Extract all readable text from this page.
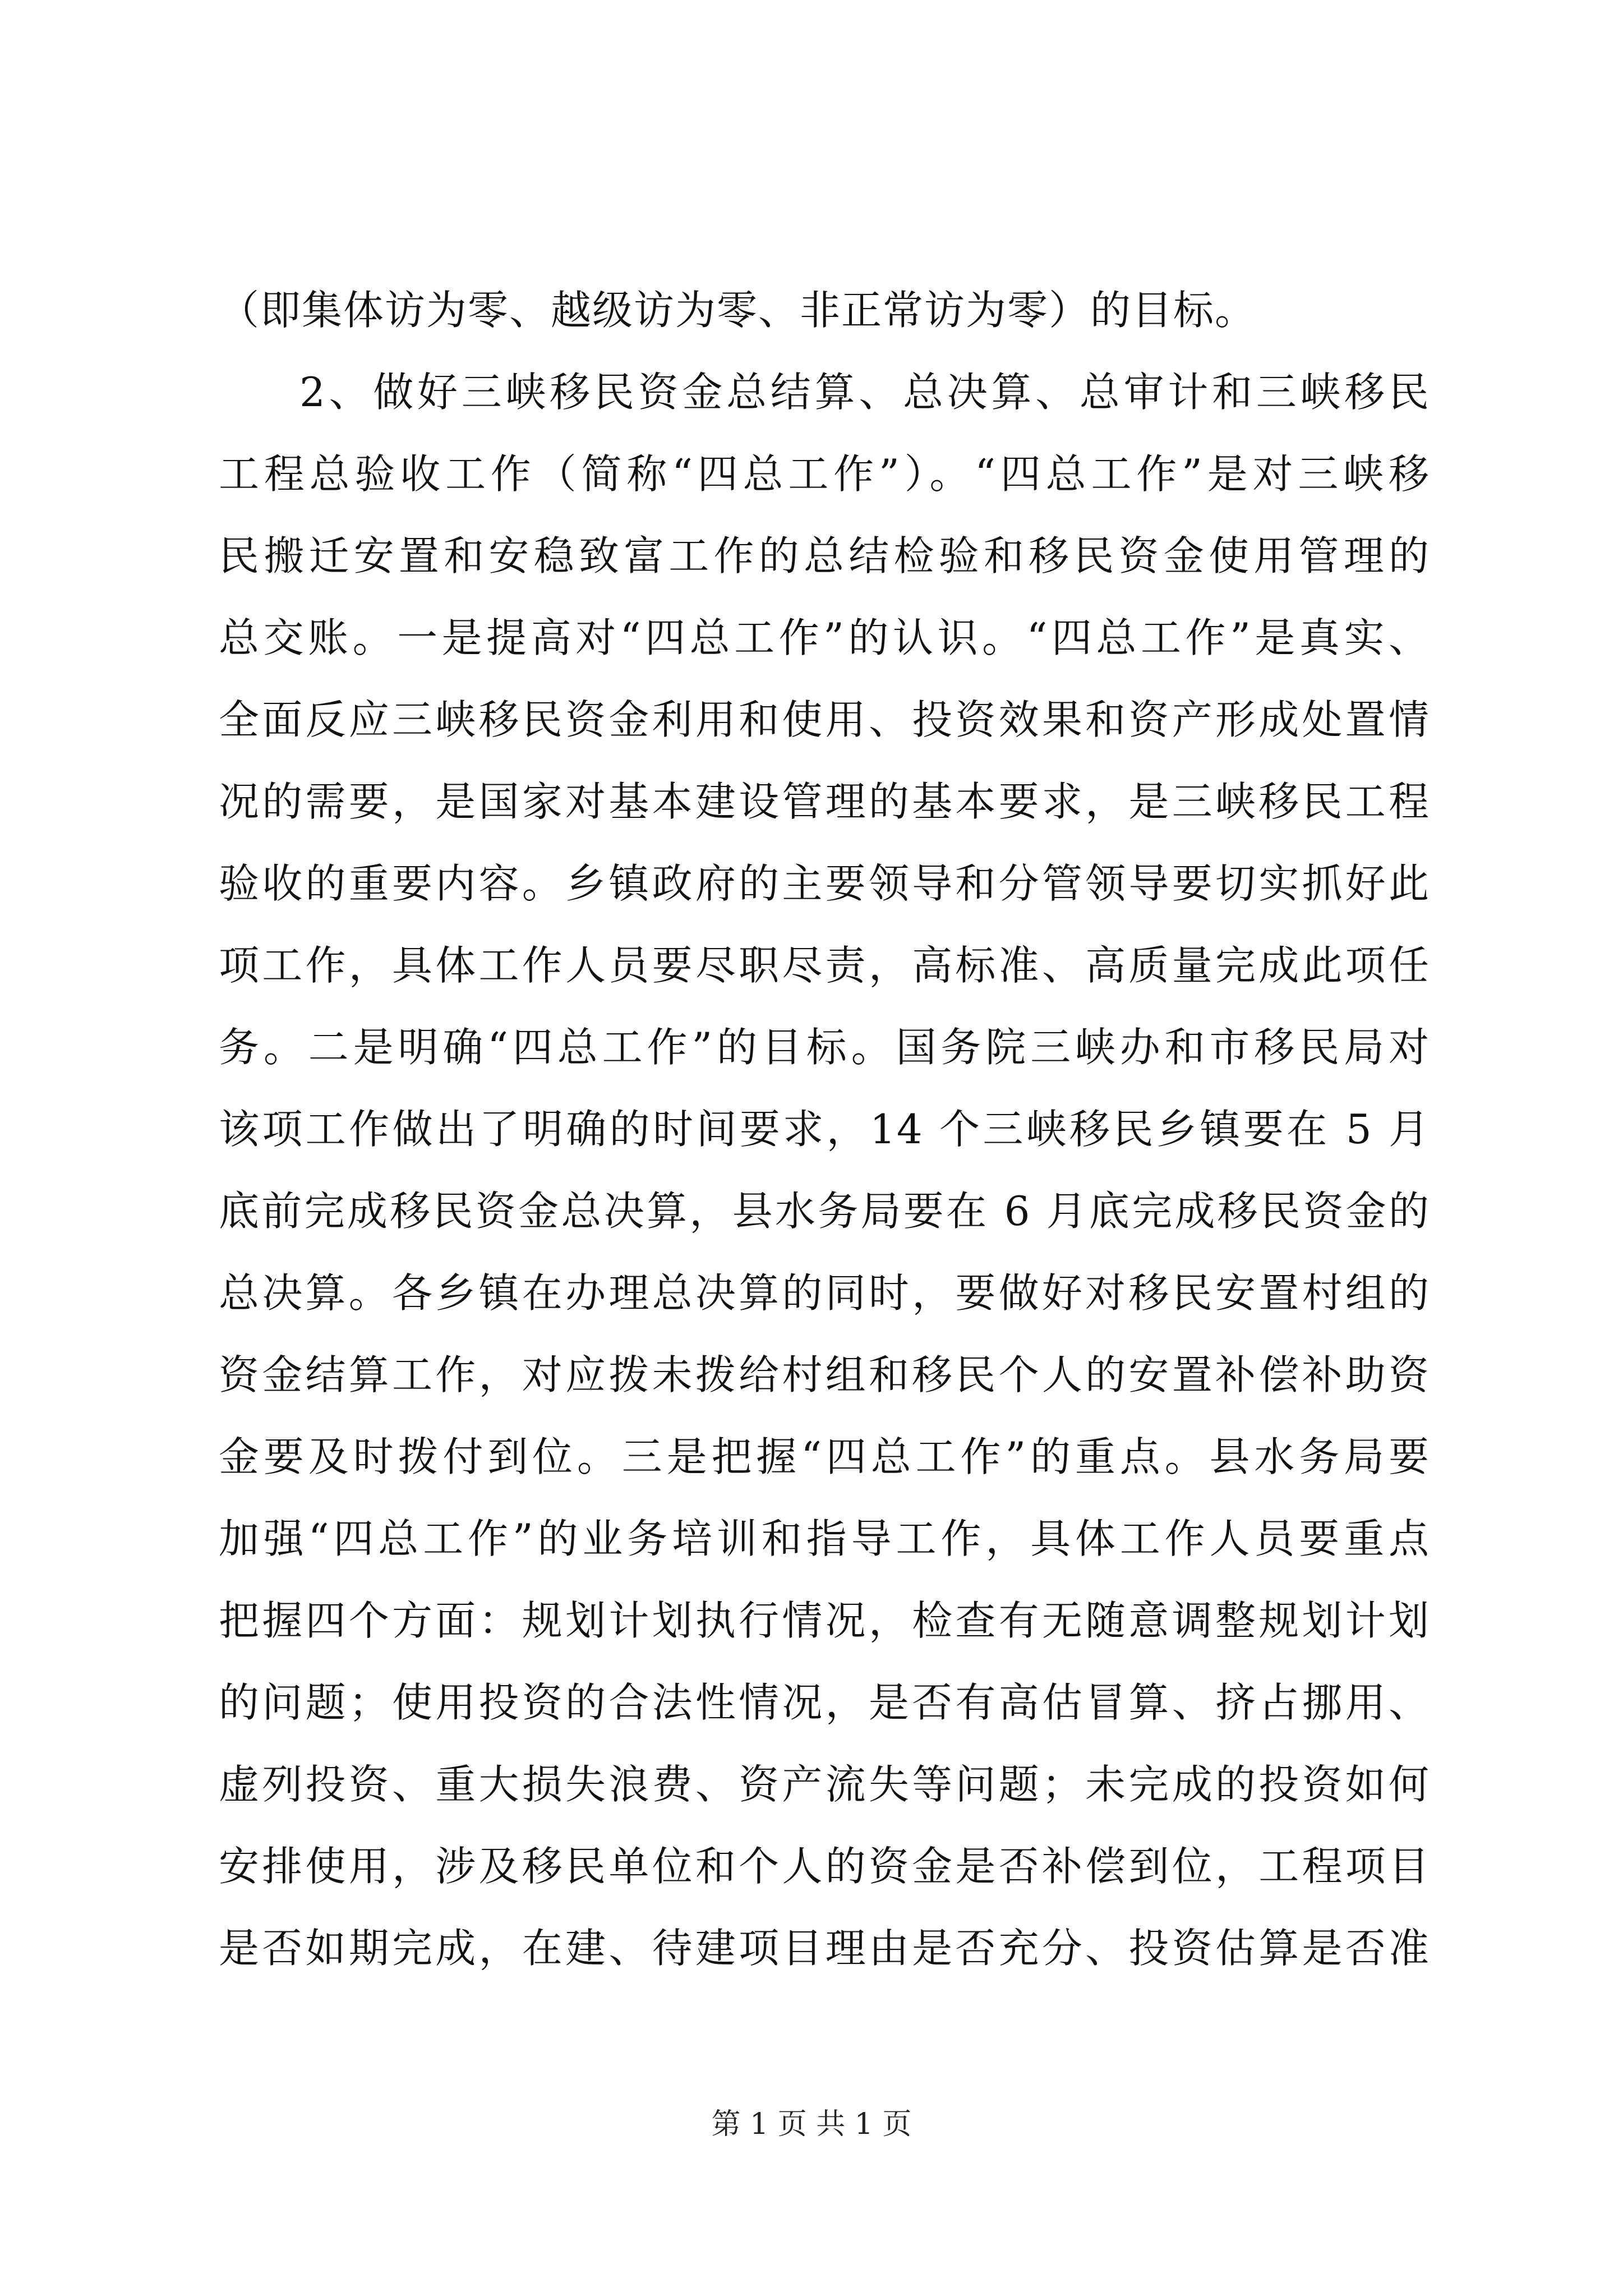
（即集体访为零、越级访为零、非正常访为零）的目标。
2、做好三峡移民资金总结算、总决算、总审计和三峡移民
工程总验收工作（简称“四总工作”）。“四总工作”是对三峡移
民搬迁安置和安稳致富工作的总结检验和移民资金使用管理的
总交账。一是提高对“四总工作”的认识。“四总工作”是真实、
全面反应三峡移民资金利用和使用、投资效果和资产形成处置情
况的需要，是国家对基本建设管理的基本要求，是三峡移民工程
验收的重要内容。乡镇政府的主要领导和分管领导要切实抓好此
项工作，具体工作人员要尽职尽责，高标准、高质量完成此项任
务。二是明确“四总工作”的目标。国务院三峡办和市移民局对
该项工作做出了明确的时间要求，14 个三峡移民乡镇要在 5 月
底前完成移民资金总决算，县水务局要在 6 月底完成移民资金的
总决算。各乡镇在办理总决算的同时，要做好对移民安置村组的
资金结算工作，对应拨未拨给村组和移民个人的安置补偿补助资
金要及时拨付到位。三是把握“四总工作”的重点。县水务局要
加强“四总工作”的业务培训和指导工作，具体工作人员要重点
把握四个方面：规划计划执行情况，检查有无随意调整规划计划
的问题；使用投资的合法性情况，是否有高估冒算、挤占挪用、
虚列投资、重大损失浪费、资产流失等问题；未完成的投资如何
安排使用，涉及移民单位和个人的资金是否补偿到位，工程项目
是否如期完成，在建、待建项目理由是否充分、投资估算是否准
第 1 页 共 1 页
